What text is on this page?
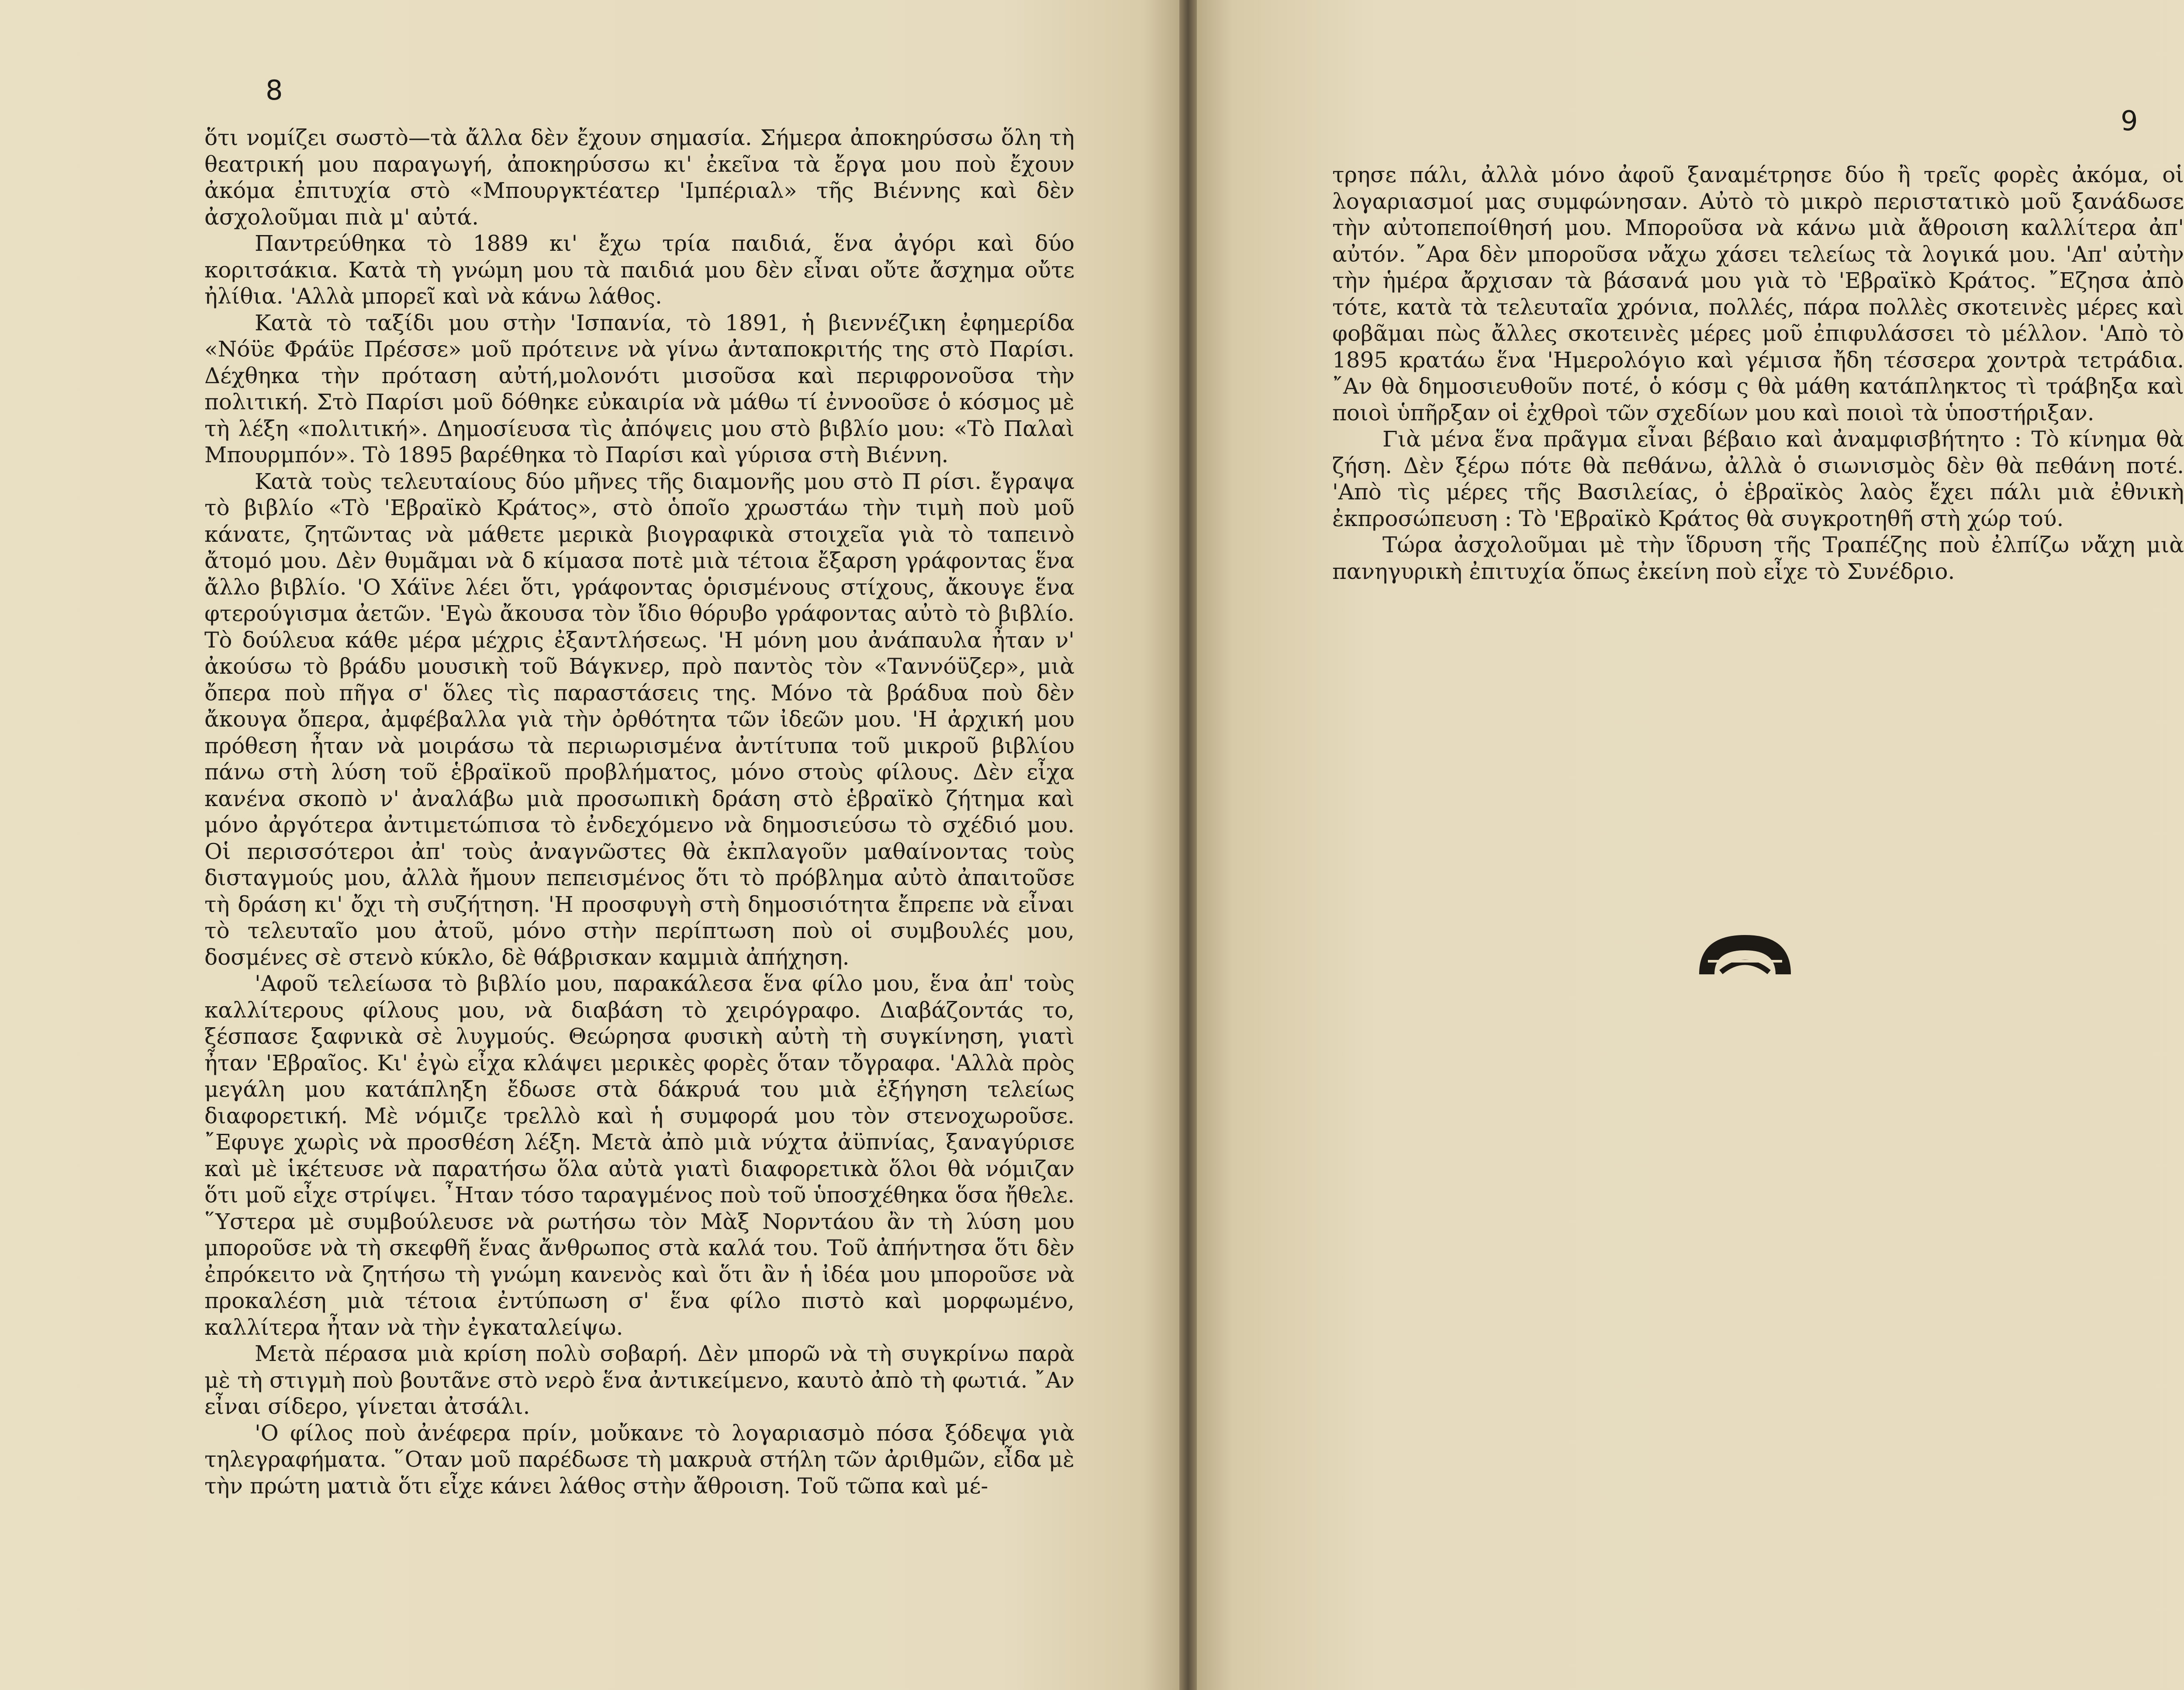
8

ὅτι νομίζει σωστὸ—τὰ ἄλλα δὲν ἔχουν σημασία. Σήμερα ἀποκηρύσσω ὅλη τὴ θεατρική μου παραγωγή, ἀποκηρύσσω κι' ἐκεῖνα τὰ ἔργα μου ποὺ ἔχουν ἀκόμα ἐπιτυχία στὸ «Μπουργκτέατερ 'Ιμπέριαλ» τῆς Βιέννης καὶ δὲν ἀσχολοῦμαι πιὰ μ' αὐτά.

Παντρεύθηκα τὸ 1889 κι' ἔχω τρία παιδιά, ἕνα ἀγόρι καὶ δύο κοριτσάκια. Κατὰ τὴ γνώμη μου τὰ παιδιά μου δὲν εἶναι οὔτε ἄσχημα οὔτε ἠλίθια. 'Αλλὰ μπορεῖ καὶ νὰ κάνω λάθος.

Κατὰ τὸ ταξίδι μου στὴν 'Ισπανία, τὸ 1891, ἡ βιεννέζικη ἐφημερίδα «Νόϋε Φράϋε Πρέσσε» μοῦ πρότεινε νὰ γίνω ἀνταποκριτής της στὸ Παρίσι. Δέχθηκα τὴν πρόταση αὐτή,μολονότι μισοῦσα καὶ περιφρονοῦσα τὴν πολιτική. Στὸ Παρίσι μοῦ δόθηκε εὐκαιρία νὰ μάθω τί ἐννοοῦσε ὁ κόσμος μὲ τὴ λέξη «πολιτική». Δημοσίευσα τὶς ἀπόψεις μου στὸ βιβλίο μου: «Τὸ Παλαὶ Μπουρμπόν». Τὸ 1895 βαρέθηκα τὸ Παρίσι καὶ γύρισα στὴ Βιέννη.

Κατὰ τοὺς τελευταίους δύο μῆνες τῆς διαμονῆς μου στὸ Π ρίσι. ἔγραψα τὸ βιβλίο «Τὸ 'Εβραϊκὸ Κράτος», στὸ ὁποῖο χρωστάω τὴν τιμὴ ποὺ μοῦ κάνατε, ζητῶντας νὰ μάθετε μερικὰ βιογραφικὰ στοιχεῖα γιὰ τὸ ταπεινὸ ἄτομό μου. Δὲν θυμᾶμαι νὰ δ κίμασα ποτὲ μιὰ τέτοια ἔξαρση γράφοντας ἕνα ἄλλο βιβλίο. 'Ο Χάϊνε λέει ὅτι, γράφοντας ὁρισμένους στίχους, ἄκουγε ἕνα φτερούγισμα ἀετῶν. 'Εγὼ ἄκουσα τὸν ἴδιο θόρυβο γράφοντας αὐτὸ τὸ βιβλίο. Τὸ δούλευα κάθε μέρα μέχρις ἐξαντλήσεως. 'Η μόνη μου ἀνάπαυλα ἦταν ν' ἀκούσω τὸ βράδυ μουσικὴ τοῦ Βάγκνερ, πρὸ παντὸς τὸν «Ταννόϋζερ», μιὰ ὄπερα ποὺ πῆγα σ' ὅλες τὶς παραστάσεις της. Μόνο τὰ βράδυα ποὺ δὲν ἄκουγα ὄπερα, ἀμφέβαλλα γιὰ τὴν ὀρθότητα τῶν ἰδεῶν μου. 'Η ἀρχική μου πρόθεση ἦταν νὰ μοιράσω τὰ περιωρισμένα ἀντίτυπα τοῦ μικροῦ βιβλίου πάνω στὴ λύση τοῦ ἑβραϊκοῦ προβλήματος, μόνο στοὺς φίλους. Δὲν εἶχα κανένα σκοπὸ ν' ἀναλάβω μιὰ προσωπικὴ δράση στὸ ἑβραϊκὸ ζήτημα καὶ μόνο ἀργότερα ἀντιμετώπισα τὸ ἐνδεχόμενο νὰ δημοσιεύσω τὸ σχέδιό μου. Οἱ περισσότεροι ἀπ' τοὺς ἀναγνῶστες θὰ ἐκπλαγοῦν μαθαίνοντας τοὺς δισταγμούς μου, ἀλλὰ ἤμουν πεπεισμένος ὅτι τὸ πρόβλημα αὐτὸ ἀπαιτοῦσε τὴ δράση κι' ὄχι τὴ συζήτηση. 'Η προσφυγὴ στὴ δημοσιότητα ἔπρεπε νὰ εἶναι τὸ τελευταῖο μου ἀτοῦ, μόνο στὴν περίπτωση ποὺ οἱ συμβουλές μου, δοσμένες σὲ στενὸ κύκλο, δὲ θάβρισκαν καμμιὰ ἀπήχηση.

'Αφοῦ τελείωσα τὸ βιβλίο μου, παρακάλεσα ἕνα φίλο μου, ἕνα ἀπ' τοὺς καλλίτερους φίλους μου, νὰ διαβάση τὸ χειρόγραφο. Διαβάζοντάς το, ξέσπασε ξαφνικὰ σὲ λυγμούς. Θεώρησα φυσικὴ αὐτὴ τὴ συγκίνηση, γιατὶ ἦταν 'Εβραῖος. Κι' ἐγὼ εἶχα κλάψει μερικὲς φορὲς ὅταν τὄγραφα. 'Αλλὰ πρὸς μεγάλη μου κατάπληξη ἔδωσε στὰ δάκρυά του μιὰ ἐξήγηση τελείως διαφορετική. Μὲ νόμιζε τρελλὸ καὶ ἡ συμφορά μου τὸν στενοχωροῦσε. ῎Εφυγε χωρὶς νὰ προσθέση λέξη. Μετὰ ἀπὸ μιὰ νύχτα ἀϋπνίας, ξαναγύρισε καὶ μὲ ἱκέτευσε νὰ παρατήσω ὅλα αὐτὰ γιατὶ διαφορετικὰ ὅλοι θὰ νόμιζαν ὅτι μοῦ εἶχε στρίψει. ῏Ηταν τόσο ταραγμένος ποὺ τοῦ ὑποσχέθηκα ὅσα ἤθελε. ῞Υστερα μὲ συμβούλευσε νὰ ρωτήσω τὸν Μὰξ Νορντάου ἂν τὴ λύση μου μποροῦσε νὰ τὴ σκεφθῆ ἕνας ἄνθρωπος στὰ καλά του. Τοῦ ἀπήντησα ὅτι δὲν ἐπρόκειτο νὰ ζητήσω τὴ γνώμη κανενὸς καὶ ὅτι ἂν ἡ ἰδέα μου μποροῦσε νὰ προκαλέση μιὰ τέτοια ἐντύπωση σ' ἕνα φίλο πιστὸ καὶ μορφωμένο, καλλίτερα ἦταν νὰ τὴν ἐγκαταλείψω.

Μετὰ πέρασα μιὰ κρίση πολὺ σοβαρή. Δὲν μπορῶ νὰ τὴ συγκρίνω παρὰ μὲ τὴ στιγμὴ ποὺ βουτᾶνε στὸ νερὸ ἕνα ἀντικείμενο, καυτὸ ἀπὸ τὴ φωτιά. ῎Αν εἶναι σίδερο, γίνεται ἀτσάλι.

'Ο φίλος ποὺ ἀνέφερα πρίν, μοὔκανε τὸ λογαριασμὸ πόσα ξόδεψα γιὰ τηλεγραφήματα. ῞Οταν μοῦ παρέδωσε τὴ μακρυὰ στήλη τῶν ἀριθμῶν, εἶδα μὲ τὴν πρώτη ματιὰ ὅτι εἶχε κάνει λάθος στὴν ἄθροιση. Τοῦ τῶπα καὶ μέ-

9

τρησε πάλι, ἀλλὰ μόνο ἀφοῦ ξαναμέτρησε δύο ἢ τρεῖς φορὲς ἀκόμα, οἱ λογαριασμοί μας συμφώνησαν. Αὐτὸ τὸ μικρὸ περιστατικὸ μοῦ ξανάδωσε τὴν αὐτοπεποίθησή μου. Μποροῦσα νὰ κάνω μιὰ ἄθροιση καλλίτερα ἀπ' αὐτόν. ῎Αρα δὲν μποροῦσα νἄχω χάσει τελείως τὰ λογικά μου. 'Απ' αὐτὴν τὴν ἡμέρα ἄρχισαν τὰ βάσανά μου γιὰ τὸ 'Εβραϊκὸ Κράτος. ῎Εζησα ἀπὸ τότε, κατὰ τὰ τελευταῖα χρόνια, πολλές, πάρα πολλὲς σκοτεινὲς μέρες καὶ φοβᾶμαι πὼς ἄλλες σκοτεινὲς μέρες μοῦ ἐπιφυλάσσει τὸ μέλλον. 'Απὸ τὸ 1895 κρατάω ἕνα 'Ημερολόγιο καὶ γέμισα ἤδη τέσσερα χοντρὰ τετράδια. ῎Αν θὰ δημοσιευθοῦν ποτέ, ὁ κόσμ ς θὰ μάθη κατάπληκτος τὶ τράβηξα καὶ ποιοὶ ὑπῆρξαν οἱ ἐχθροὶ τῶν σχεδίων μου καὶ ποιοὶ τὰ ὑποστήριξαν.

Γιὰ μένα ἕνα πρᾶγμα εἶναι βέβαιο καὶ ἀναμφισβήτητο : Τὸ κίνημα θὰ ζήση. Δὲν ξέρω πότε θὰ πεθάνω, ἀλλὰ ὁ σιωνισμὸς δὲν θὰ πεθάνη ποτέ. 'Απὸ τὶς μέρες τῆς Βασιλείας, ὁ ἑβραϊκὸς λαὸς ἔχει πάλι μιὰ ἐθνικὴ ἐκπροσώπευση : Τὸ 'Εβραϊκὸ Κράτος θὰ συγκροτηθῆ στὴ χώρ τού.

Τώρα ἀσχολοῦμαι μὲ τὴν ἵδρυση τῆς Τραπέζης ποὺ ἐλπίζω νἄχη μιὰ πανηγυρικὴ ἐπιτυχία ὅπως ἐκείνη ποὺ εἶχε τὸ Συνέδριο.
